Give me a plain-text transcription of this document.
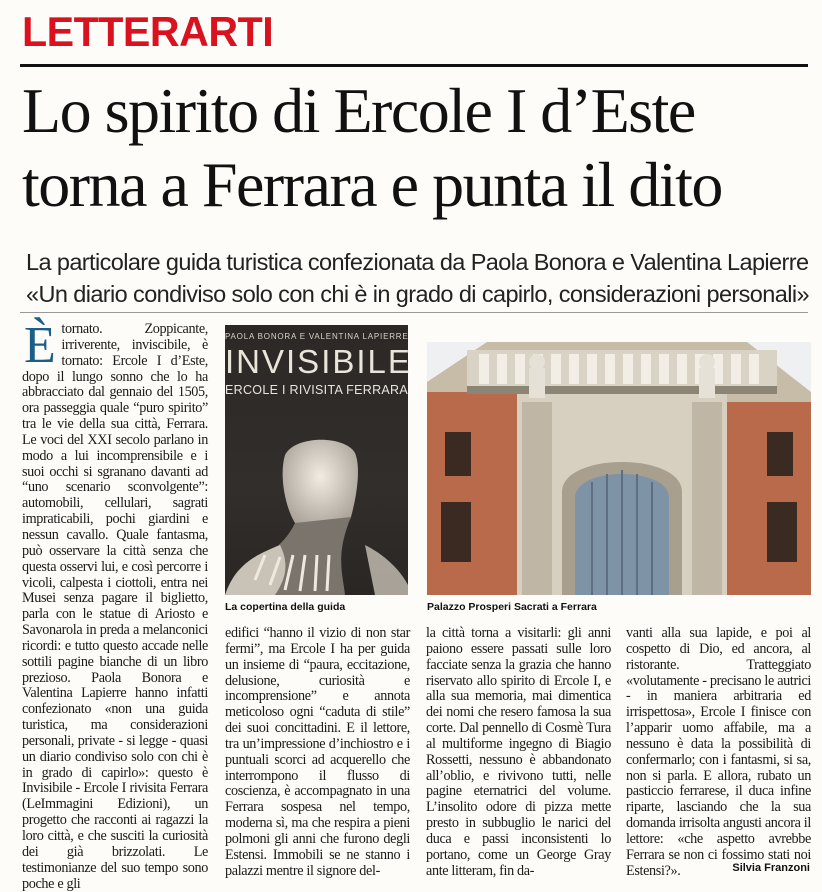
LETTERARTI
Lo spirito di Ercole I d’Este
torna a Ferrara e punta il dito
La particolare guida turistica confezionata da Paola Bonora e Valentina Lapierre
«Un diario condiviso solo con chi è in grado di capirlo, considerazioni personali»
Ètornato. Zoppicante, irriverente, inviscibile, è tornato: Ercole I d’Este, dopo il lungo sonno che lo ha abbracciato dal gennaio del 1505, ora passeggia quale “puro spirito” tra le vie della sua città, Ferrara. Le voci del XXI secolo parlano in modo a lui incomprensibile e i suoi occhi si sgranano davanti ad “uno scenario sconvolgente”: automobili, cellulari, sagrati impraticabili, pochi giardini e nessun cavallo. Quale fantasma, può osservare la città senza che questa osservi lui, e così percorre i vicoli, calpesta i ciottoli, entra nei Musei senza pagare il biglietto, parla con le statue di Ariosto e Savonarola in preda a melanconici ricordi: e tutto questo accade nelle sottili pagine bianche di un libro prezioso. Paola Bonora e Valentina Lapierre hanno infatti confezionato «non una guida turistica, ma considerazioni personali, private - si legge - quasi un diario condiviso solo con chi è in grado di capirlo»: questo è Invisibile - Ercole I rivisita Ferrara (LeImmagini Edizioni), un progetto che racconti ai ragazzi la loro città, e che susciti la curiosità dei già brizzolati. Le testimonianze del suo tempo sono poche e gli
PAOLA BONORA E VALENTINA LAPIERRE
INVISIBILE
ERCOLE I RIVISITA FERRARA
La copertina della guida	Palazzo Prosperi Sacrati a Ferrara
edifici “hanno il vizio di non star fermi”, ma Ercole I ha per guida un insieme di “paura, eccitazione, delusione, curiosità e incomprensione” e annota meticoloso ogni “caduta di stile” dei suoi concittadini. E il lettore, tra un’impressione d’inchiostro e i puntuali scorci ad acquerello che interrompono il flusso di coscienza, è accompagnato in una Ferrara sospesa nel tempo, moderna sì, ma che respira a pieni polmoni gli anni che furono degli Estensi. Immobili se ne stanno i palazzi mentre il signore del-
la città torna a visitarli: gli anni paiono essere passati sulle loro facciate senza la grazia che hanno riservato allo spirito di Ercole I, e alla sua memoria, mai dimentica dei nomi che resero famosa la sua corte. Dal pennello di Cosmè Tura al multiforme ingegno di Biagio Rossetti, nessuno è abbandonato all’oblio, e rivivono tutti, nelle pagine eternatrici del volume. L’insolito odore di pizza mette presto in subbuglio le narici del duca e passi inconsistenti lo portano, come un George Gray ante litteram, fin da-
vanti alla sua lapide, e poi al cospetto di Dio, ed ancora, al ristorante. Tratteggiato «volutamente - precisano le autrici - in maniera arbitraria ed irrispettosa», Ercole I finisce con l’apparir uomo affabile, ma a nessuno è data la possibilità di confermarlo; con i fantasmi, si sa, non si parla. E allora, rubato un pasticcio ferrarese, il duca infine riparte, lasciando che la sua domanda irrisolta angusti ancora il lettore: «che aspetto avrebbe Ferrara se non ci fossimo stati noi Estensi?».	Silvia Franzoni
